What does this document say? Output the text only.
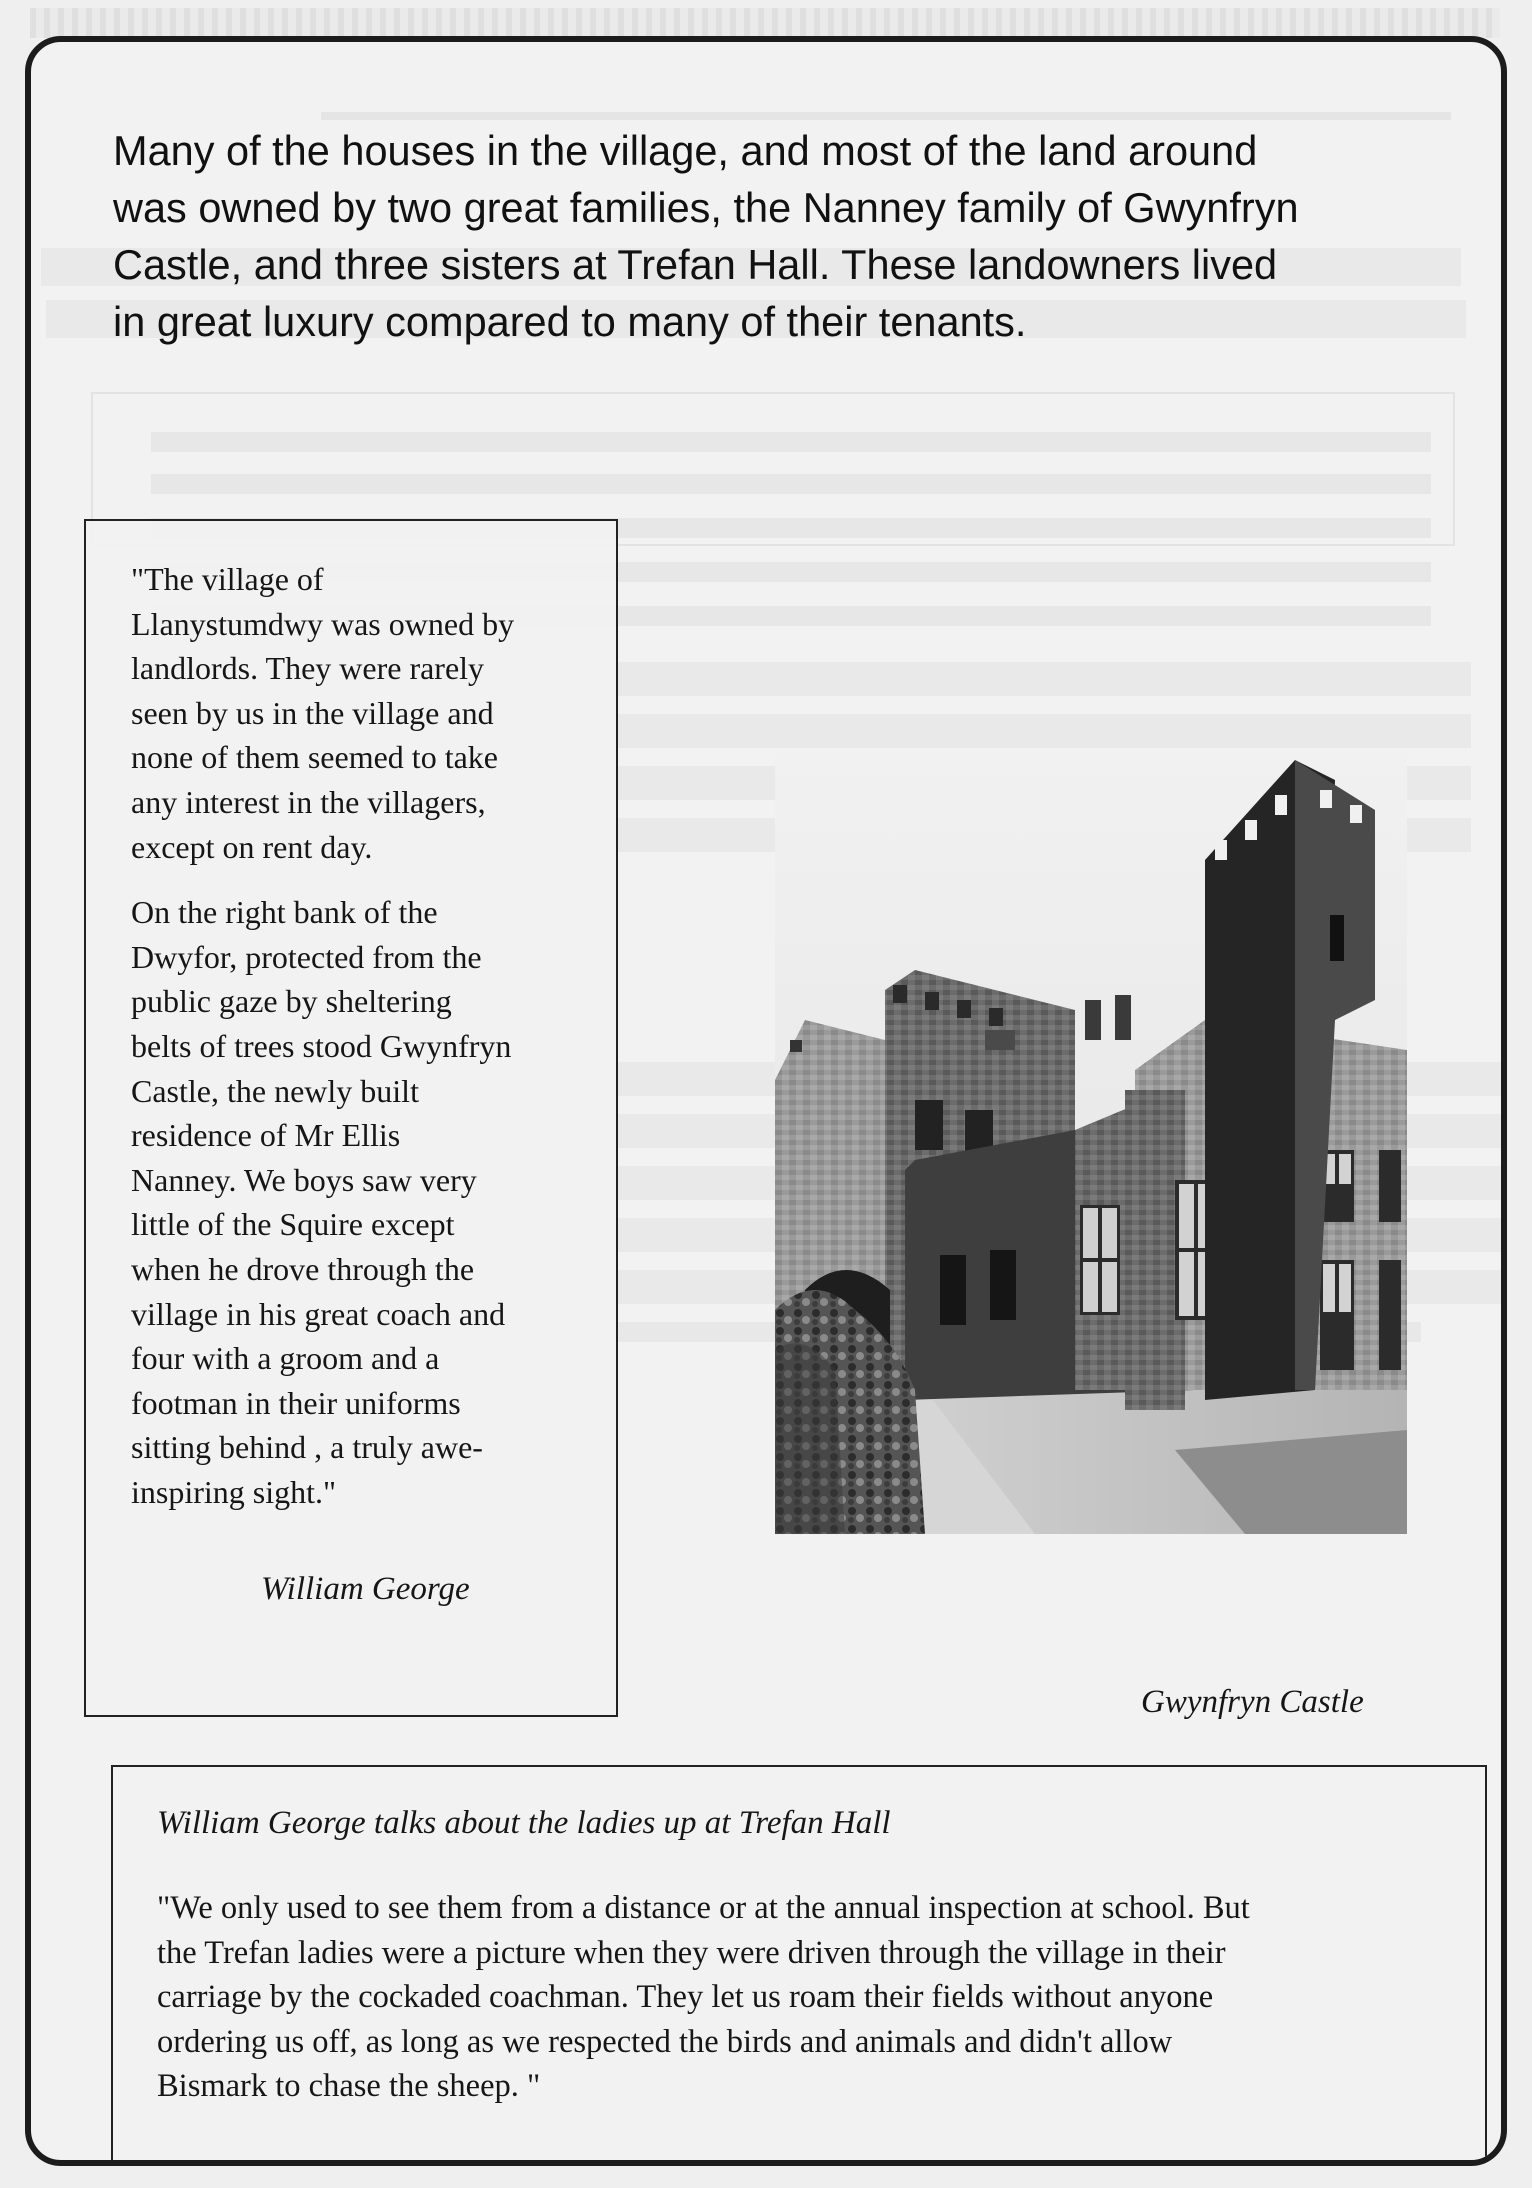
Many of the houses in the village, and most of the land around
was owned by two great families, the Nanney family of Gwynfryn
Castle, and three sisters at Trefan Hall. These landowners lived
in great luxury compared to many of their tenants.

"The village of
Llanystumdwy was owned by
landlords. They were rarely
seen by us in the village and
none of them seemed to take
any interest in the villagers,
except on rent day.

On the right bank of the
Dwyfor, protected from the
public gaze by sheltering
belts of trees stood Gwynfryn
Castle, the newly built
residence of Mr Ellis
Nanney. We boys saw very
little of the Squire except
when he drove through the
village in his great coach and
four with a groom and a
footman in their uniforms
sitting behind , a truly awe-
inspiring sight."

William George
Gwynfryn Castle

William George talks about the ladies up at Trefan Hall

"We only used to see them from a distance or at the annual inspection at school. But
the Trefan ladies were a picture when they were driven through the village in their
carriage by the cockaded coachman. They let us roam their fields without anyone
ordering us off, as long as we respected the birds and animals and didn't allow
Bismark to chase the sheep. "
